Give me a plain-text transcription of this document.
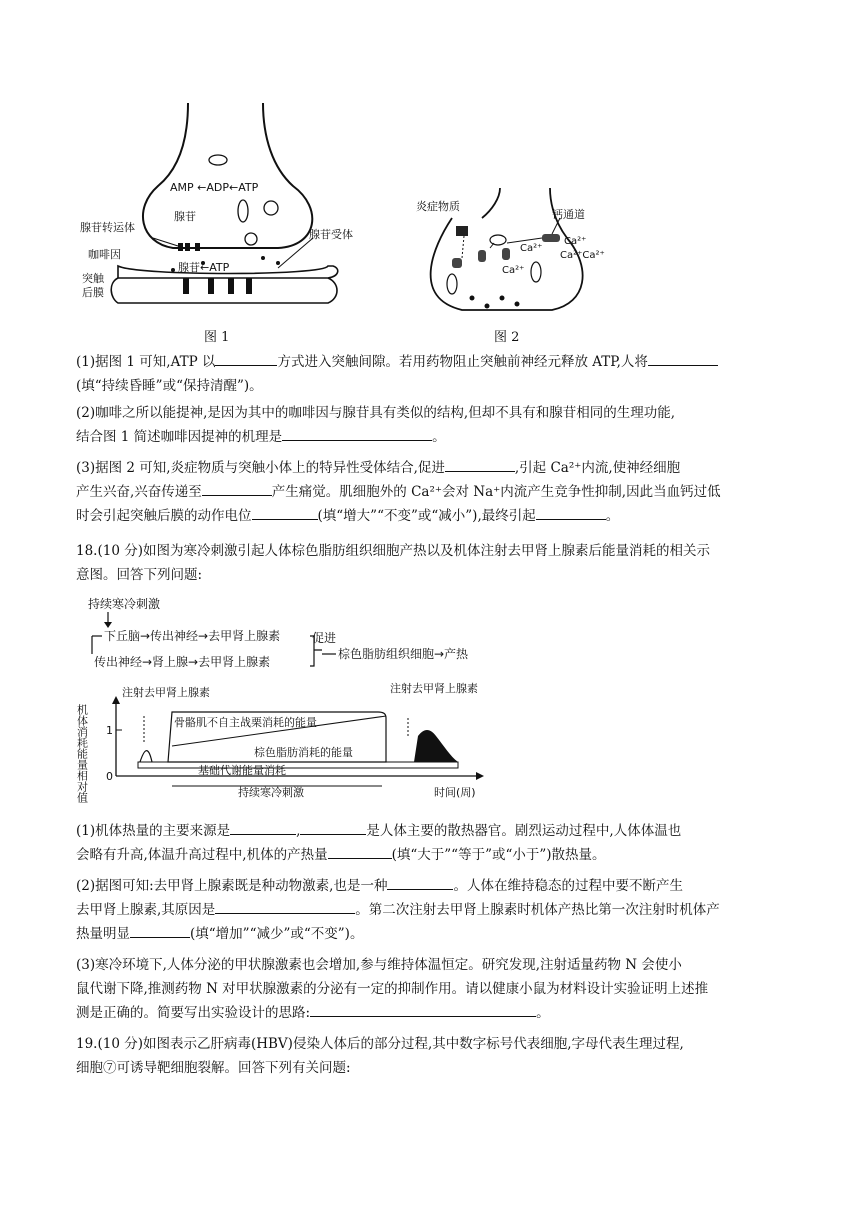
AMP ←ADP←ATP
腺苷
腺苷转运体
咖啡因
腺苷受体
腺苷←ATP
突触
后膜
图 1
炎症物质
钙通道
Ca²⁺
Ca²⁺Ca²⁺
Ca²⁺
Ca²⁺
图 2

(1)据图 1 可知,ATP 以	方式进入突触间隙。若用药物阻止突触前神经元释放 ATP,人将
(填“持续昏睡”或“保持清醒”)。

(2)咖啡之所以能提神,是因为其中的咖啡因与腺苷具有类似的结构,但却不具有和腺苷相同的生理功能,
结合图 1 简述咖啡因提神的机理是	。

(3)据图 2 可知,炎症物质与突触小体上的特异性受体结合,促进	,引起 Ca²⁺内流,使神经细胞
产生兴奋,兴奋传递至	产生痛觉。肌细胞外的 Ca²⁺会对 Na⁺内流产生竞争性抑制,因此当血钙过低
时会引起突触后膜的动作电位	(填“增大”“不变”或“减小”),最终引起	。

18.(10 分)如图为寒冷刺激引起人体棕色脂肪组织细胞产热以及机体注射去甲肾上腺素后能量消耗的相关示
意图。回答下列问题:

持续寒冷刺激
下丘脑→传出神经→去甲肾上腺素
传出神经→肾上腺→去甲肾上腺素
促进
棕色脂肪组织细胞→产热
机体消耗能量相对值 1
0
注射去甲肾上腺素	注射去甲肾上腺素
骨骼肌不自主战栗消耗的能量
棕色脂肪消耗的能量
基础代谢能量消耗
持续寒冷刺激	时间(周)

(1)机体热量的主要来源是	,	是人体主要的散热器官。剧烈运动过程中,人体体温也
会略有升高,体温升高过程中,机体的产热量	(填“大于”“等于”或“小于”)散热量。

(2)据图可知:去甲肾上腺素既是种动物激素,也是一种	。人体在维持稳态的过程中要不断产生
去甲肾上腺素,其原因是	。第二次注射去甲肾上腺素时机体产热比第一次注射时机体产
热量明显	(填“增加”“减少”或“不变”)。

(3)寒冷环境下,人体分泌的甲状腺激素也会增加,参与维持体温恒定。研究发现,注射适量药物 N 会使小
鼠代谢下降,推测药物 N 对甲状腺激素的分泌有一定的抑制作用。请以健康小鼠为材料设计实验证明上述推
测是正确的。简要写出实验设计的思路:	。

19.(10 分)如图表示乙肝病毒(HBV)侵染人体后的部分过程,其中数字标号代表细胞,字母代表生理过程,
细胞⑦可诱导靶细胞裂解。回答下列有关问题:
